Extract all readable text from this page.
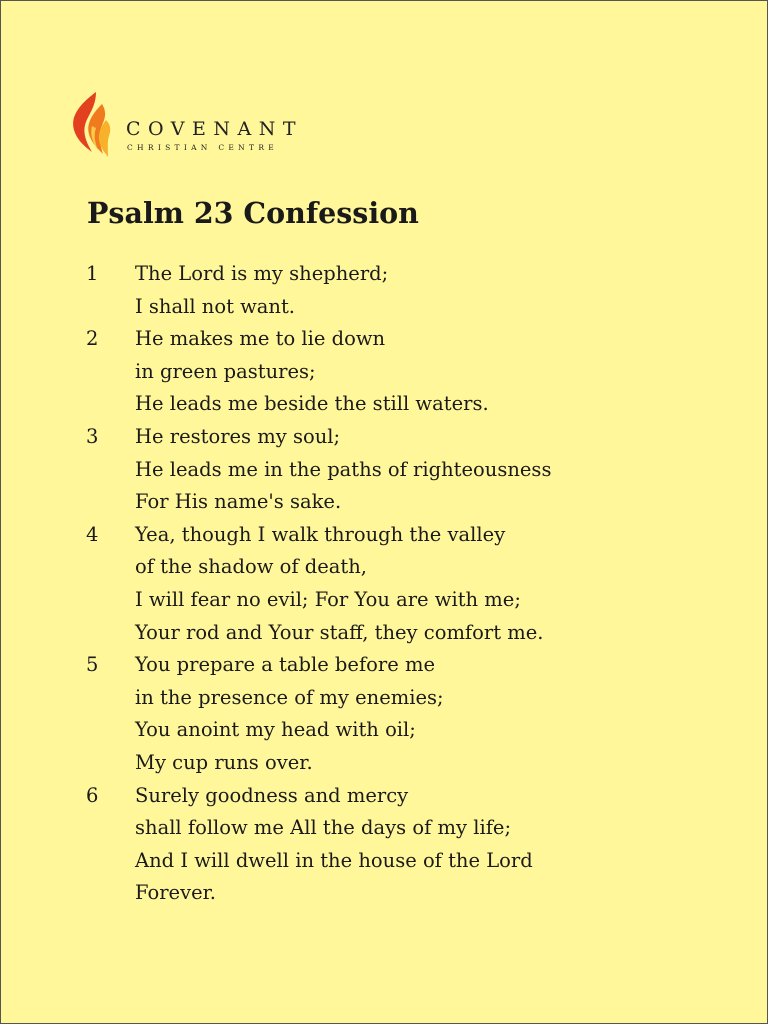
COVENANT
CHRISTIAN CENTRE
Psalm 23 Confession
1	The Lord is my shepherd;
I shall not want.
2	He makes me to lie down
in green pastures;
He leads me beside the still waters.
3	He restores my soul;
He leads me in the paths of righteousness
For His name's sake.
4	Yea, though I walk through the valley
of the shadow of death,
I will fear no evil; For You are with me;
Your rod and Your staff, they comfort me.
5	You prepare a table before me
in the presence of my enemies;
You anoint my head with oil;
My cup runs over.
6	Surely goodness and mercy
shall follow me All the days of my life;
And I will dwell in the house of the Lord
Forever.
